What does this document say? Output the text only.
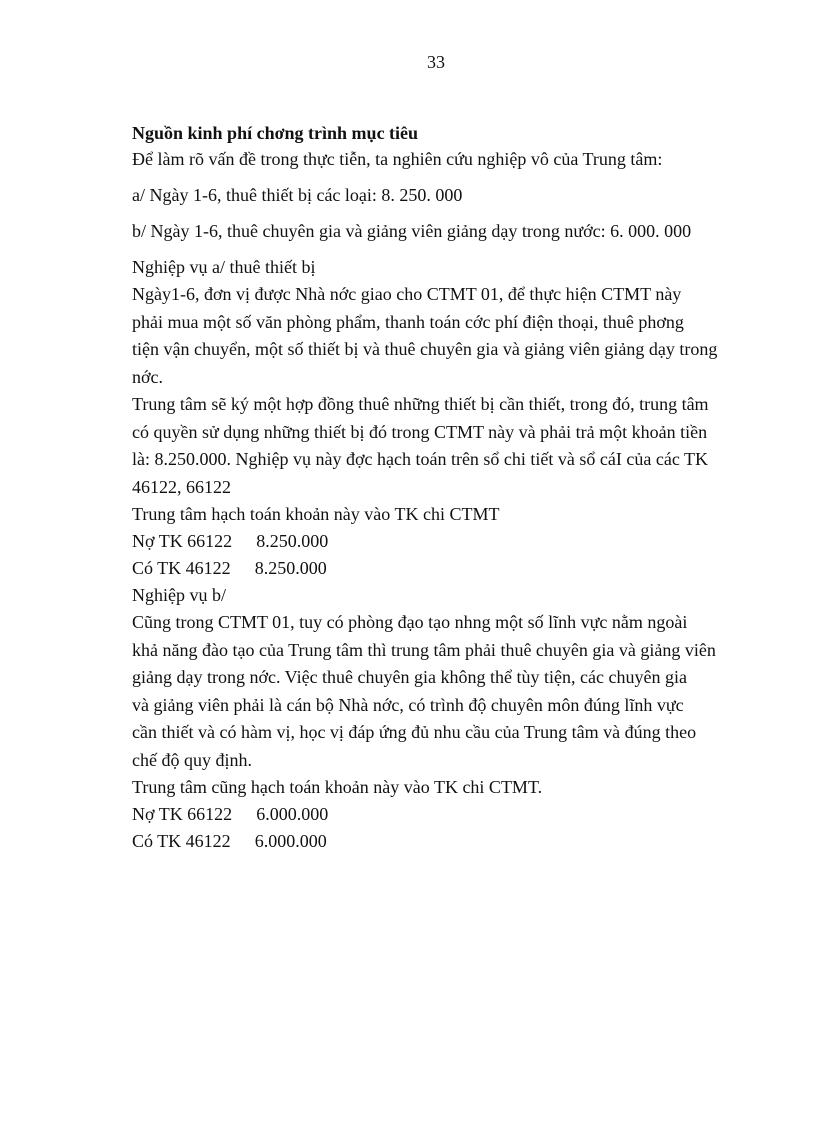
33

Nguồn kinh phí chơng trình mục tiêu

Để làm rõ vấn đề trong thực tiễn, ta nghiên cứu nghiệp vô của Trung tâm:

a/ Ngày 1-6, thuê thiết bị các loại: 8. 250. 000

b/ Ngày 1-6, thuê chuyên gia và giảng viên giảng dạy trong nước: 6. 000. 000

Nghiệp vụ a/ thuê thiết bị

Ngày1-6, đơn vị được Nhà nớc giao cho CTMT 01, để thực hiện CTMT này
phải mua một số văn phòng phẩm, thanh toán cớc phí điện thoại, thuê phơng
tiện vận chuyển, một số thiết bị và thuê chuyên gia và giảng viên giảng dạy trong
nớc.

Trung tâm sẽ ký một hợp đồng thuê những thiết bị cần thiết, trong đó, trung tâm
có quyền sử dụng những thiết bị đó trong CTMT này và phải trả một khoản tiền
là: 8.250.000. Nghiệp vụ này đợc hạch toán trên sổ chi tiết và sổ cáI của các TK
46122, 66122

Trung tâm hạch toán khoản này vào TK chi CTMT

Nợ TK 66122 8.250.000

Có TK 46122 8.250.000

Nghiệp vụ b/

Cũng trong CTMT 01, tuy có phòng đạo tạo nhng một số lĩnh vực nằm ngoài
khả năng đào tạo của Trung tâm thì trung tâm phải thuê chuyên gia và giảng viên
giảng dạy trong nớc. Việc thuê chuyên gia không thể tùy tiện, các chuyên gia
và giảng viên phải là cán bộ Nhà nớc, có trình độ chuyên môn đúng lĩnh vực
cần thiết và có hàm vị, học vị đáp ứng đủ nhu cầu của Trung tâm và đúng theo
chế độ quy định.

Trung tâm cũng hạch toán khoản này vào TK chi CTMT.

Nợ TK 66122 6.000.000

Có TK 46122 6.000.000
